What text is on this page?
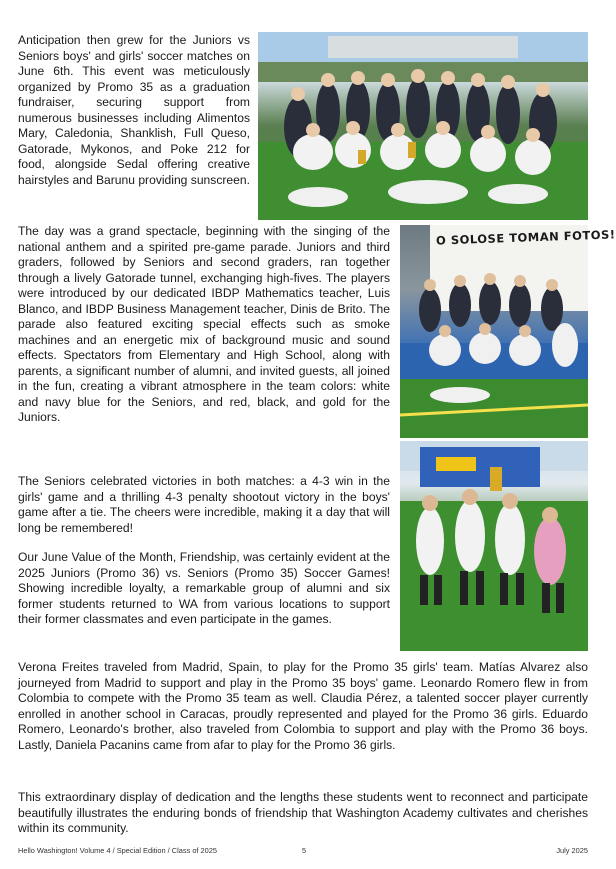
Anticipation then grew for the Juniors vs Seniors boys' and girls' soccer matches on June 6th. This event was meticulously organized by Promo 35 as a graduation fundraiser, securing support from numerous businesses including Alimentos Mary, Caledonia, Shanklish, Full Queso, Gatorade, Mykonos, and Poke 212 for food, alongside Sedal offering creative hairstyles and Barunu providing sunscreen.

The day was a grand spectacle, beginning with the singing of the national anthem and a spirited pre-game parade. Juniors and third graders, followed by Seniors and second graders, ran together through a lively Gatorade tunnel, exchanging high-fives. The players were introduced by our dedicated IBDP Mathematics teacher, Luis Blanco, and IBDP Business Management teacher, Dinis de Brito. The parade also featured exciting special effects such as smoke machines and an energetic mix of background music and sound effects. Spectators from Elementary and High School, along with parents, a significant number of alumni, and invited guests, all joined in the fun, creating a vibrant atmosphere in the team colors: white and navy blue for the Seniors, and red, black, and gold for the Juniors.

The Seniors celebrated victories in both matches: a 4-3 win in the girls' game and a thrilling 4-3 penalty shootout victory in the boys' game after a tie. The cheers were incredible, making it a day that will long be remembered!

Our June Value of the Month, Friendship, was certainly evident at the 2025 Juniors (Promo 36) vs. Seniors (Promo 35) Soccer Games! Showing incredible loyalty, a remarkable group of alumni and six former students returned to WA from various locations to support their former classmates and even participate in the games.

Verona Freites traveled from Madrid, Spain, to play for the Promo 35 girls' team. Matías Alvarez also journeyed from Madrid to support and play in the Promo 35 boys' game. Leonardo Romero flew in from Colombia to compete with the Promo 35 team as well. Claudia Pérez, a talented soccer player currently enrolled in another school in Caracas, proudly represented and played for the Promo 36 girls. Eduardo Romero, Leonardo's brother, also traveled from Colombia to support and play with the Promo 36 boys. Lastly, Daniela Pacanins came from afar to play for the Promo 36 girls.

This extraordinary display of dedication and the lengths these students went to reconnect and participate beautifully illustrates the enduring bonds of friendship that Washington Academy cultivates and cherishes within its community.

O SOLOSE TOMAN FOTOS!
Hello Washington! Volume 4 / Special Edition / Class of 2025	5	July 2025
